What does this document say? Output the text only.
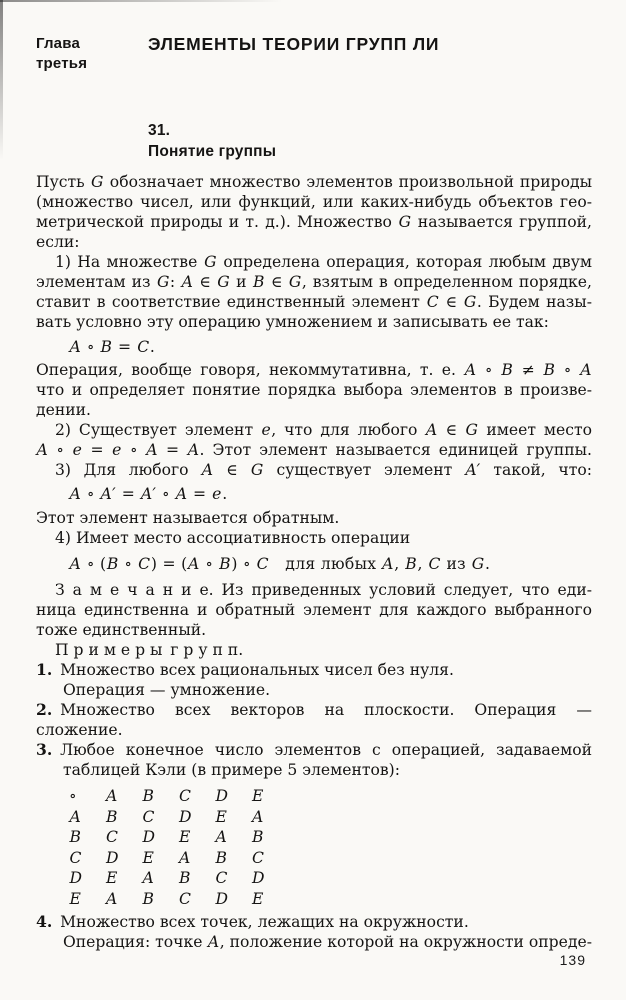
Глава
третья
ЭЛЕМЕНТЫ ТЕОРИИ ГРУПП ЛИ
31.
Понятие группы
Пусть G обозначает множество элементов произвольной природы
(множество чисел, или функций, или каких-нибудь объектов гео-
метрической природы и т. д.). Множество G называется группой,
если:
1) На множестве G определена операция, которая любым двум
элементам из G: A ∈ G и B ∈ G, взятым в определенном порядке,
ставит в соответствие единственный элемент C ∈ G. Будем назы-
вать условно эту операцию умножением и записывать ее так:
A ∘ B = C.
Операция, вообще говоря, некоммутативна, т. е. A ∘ B ≠ B ∘ A
что и определяет понятие порядка выбора элементов в произве-
дении.
2) Существует элемент e, что для любого A ∈ G имеет место
A ∘ e = e ∘ A = A. Этот элемент называется единицей группы.
3) Для любого A ∈ G существует элемент A′ такой, что:
A ∘ A′ = A′ ∘ A = e.
Этот элемент называется обратным.
4) Имеет место ассоциативность операции
A ∘ (B ∘ C) = (A ∘ B) ∘ C для любых A, B, C из G.
З а м е ч а н и е. Из приведенных условий следует, что еди-
ница единственна и обратный элемент для каждого выбранного
тоже единственный.
П р и м е р ы г р у п п.
1. Множество всех рациональных чисел без нуля.
Операция — умножение.
2. Множество всех векторов на плоскости. Операция — сложение.
3. Любое конечное число элементов с операцией, задаваемой
таблицей Кэли (в примере 5 элементов):
∘	A	B	C	D	E
A	B	C	D	E	A
B	C	D	E	A	B
C	D	E	A	B	C
D	E	A	B	C	D
E	A	B	C	D	E
4. Множество всех точек, лежащих на окружности.
Операция: точке A, положение которой на окружности опреде-
139
